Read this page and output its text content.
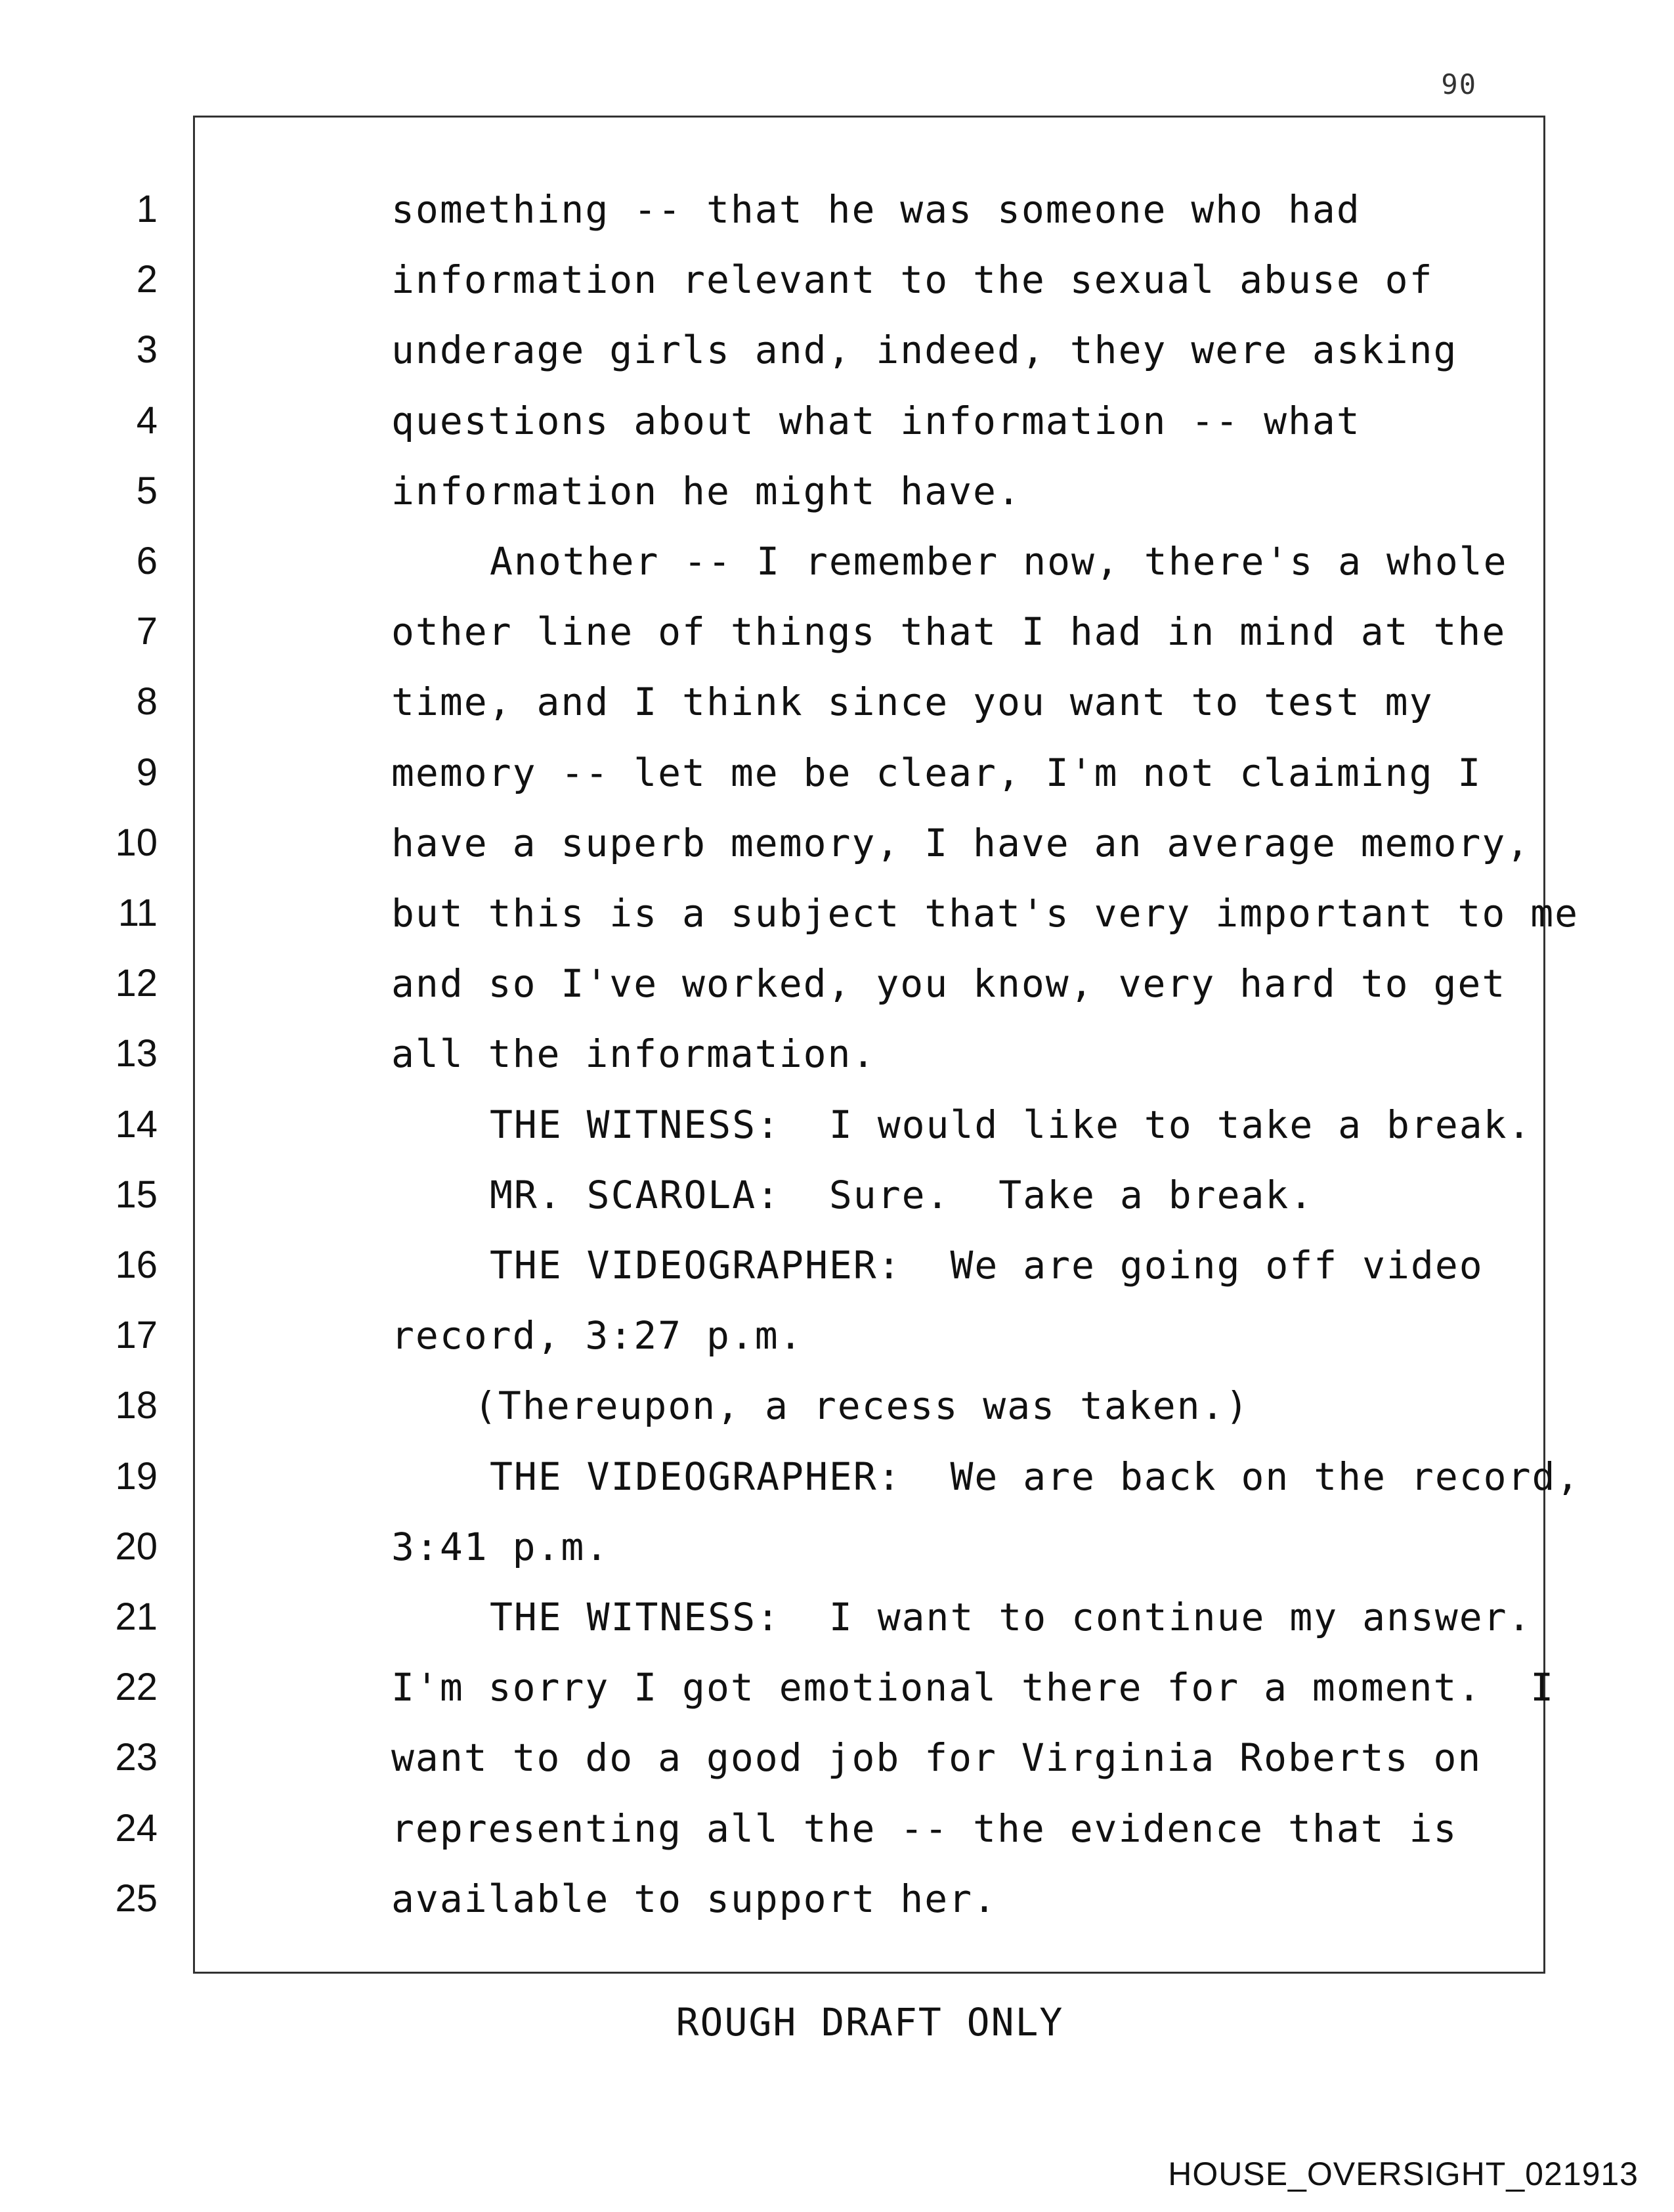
90
1
2
3
4
5
6
7
8
9
10
11
12
13
14
15
16
17
18
19
20
21
22
23
24
25
something -- that he was someone who had
information relevant to the sexual abuse of
underage girls and, indeed, they were asking
questions about what information -- what
information he might have.
Another -- I remember now, there's a whole
other line of things that I had in mind at the
time, and I think since you want to test my
memory -- let me be clear, I'm not claiming I
have a superb memory, I have an average memory,
but this is a subject that's very important to me
and so I've worked, you know, very hard to get
all the information.
THE WITNESS:  I would like to take a break.
MR. SCAROLA:  Sure.  Take a break.
THE VIDEOGRAPHER:  We are going off video
record, 3:27 p.m.
(Thereupon, a recess was taken.)
THE VIDEOGRAPHER:  We are back on the record,
3:41 p.m.
THE WITNESS:  I want to continue my answer.
I'm sorry I got emotional there for a moment.  I
want to do a good job for Virginia Roberts on
representing all the -- the evidence that is
available to support her.
ROUGH DRAFT ONLY
HOUSE_OVERSIGHT_021913
